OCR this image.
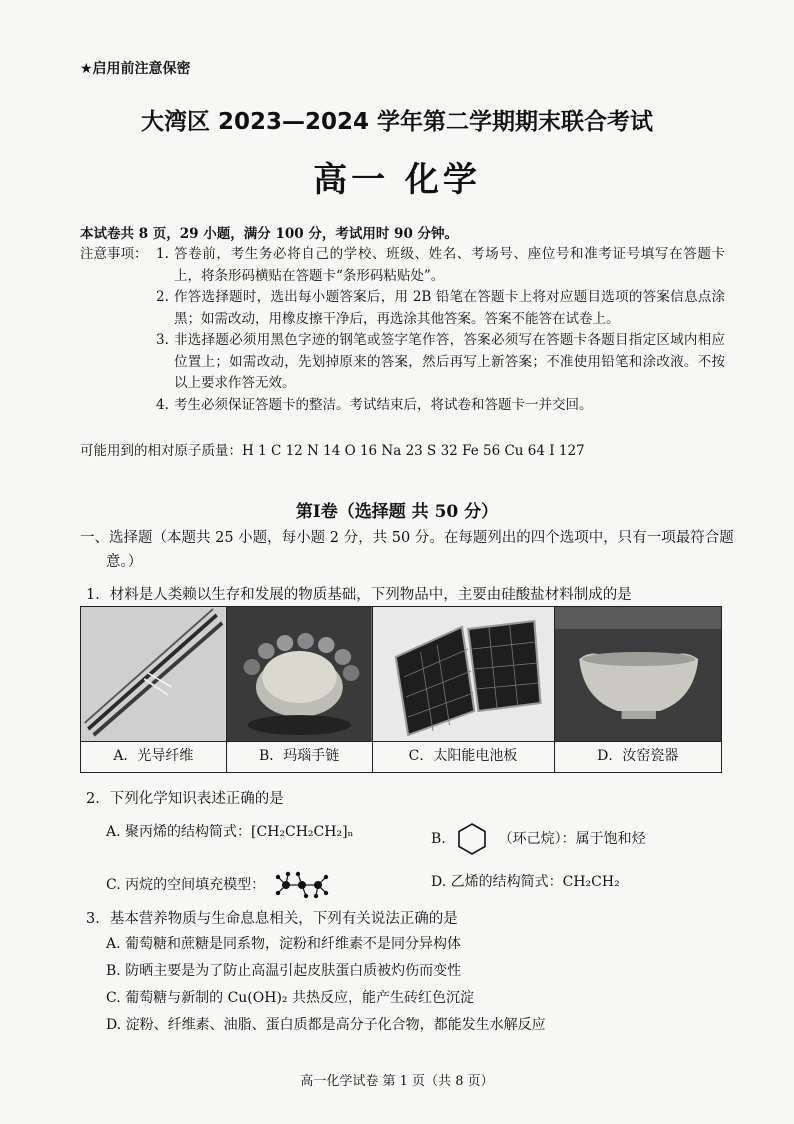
★启用前注意保密
大湾区 2023—2024 学年第二学期期末联合考试
高一 化学
本试卷共 8 页，29 小题，满分 100 分，考试用时 90 分钟。
注意事项： 1. 答卷前，考生务必将自己的学校、班级、姓名、考场号、座位号和准考证号填写在答题卡上，将条形码横贴在答题卡“条形码粘贴处”。
2. 作答选择题时，选出每小题答案后，用 2B 铅笔在答题卡上将对应题目选项的答案信息点涂黑；如需改动，用橡皮擦干净后，再选涂其他答案。答案不能答在试卷上。
3. 非选择题必须用黑色字迹的钢笔或签字笔作答，答案必须写在答题卡各题目指定区域内相应位置上；如需改动，先划掉原来的答案，然后再写上新答案；不准使用铅笔和涂改液。不按以上要求作答无效。
4. 考生必须保证答题卡的整洁。考试结束后，将试卷和答题卡一并交回。
可能用到的相对原子质量：H 1 C 12 N 14 O 16 Na 23 S 32 Fe 56 Cu 64 I 127
第Ⅰ卷（选择题 共 50 分）
一、选择题（本题共 25 小题，每小题 2 分，共 50 分。在每题列出的四个选项中，只有一项最符合题意。）
1．材料是人类赖以生存和发展的物质基础，下列物品中，主要由硅酸盐材料制成的是
A．光导纤维	B．玛瑙手链	C．太阳能电池板	D．汝窑瓷器
2．下列化学知识表述正确的是
A. 聚丙烯的结构简式：[CH₂CH₂CH₂]ₙ	B.	（环己烷）：属于饱和烃
C. 丙烷的空间填充模型：	D. 乙烯的结构简式：CH₂CH₂
3．基本营养物质与生命息息相关，下列有关说法正确的是
A. 葡萄糖和蔗糖是同系物，淀粉和纤维素不是同分异构体
B. 防晒主要是为了防止高温引起皮肤蛋白质被灼伤而变性
C. 葡萄糖与新制的 Cu(OH)₂ 共热反应，能产生砖红色沉淀
D. 淀粉、纤维素、油脂、蛋白质都是高分子化合物，都能发生水解反应
高一化学试卷 第 1 页（共 8 页）
